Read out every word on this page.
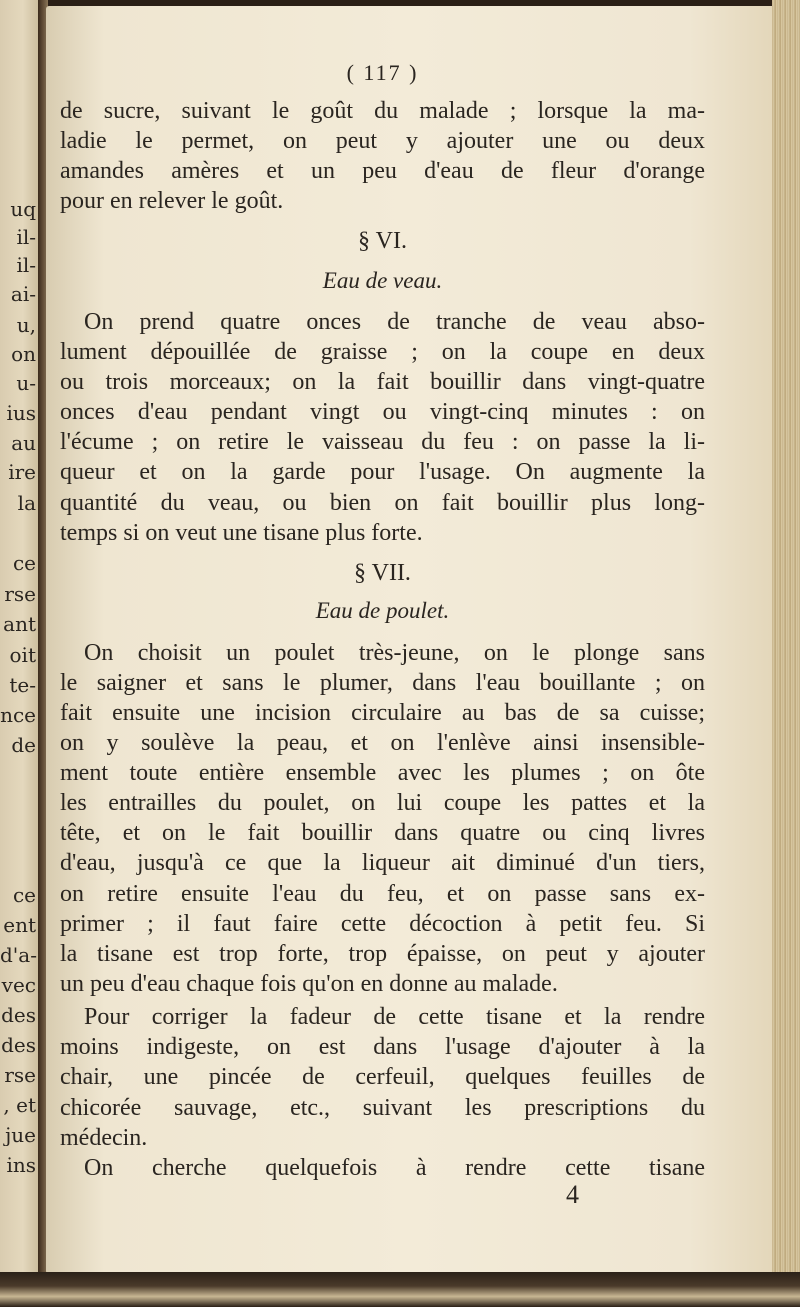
uq
il-
il-
ai-
u,
on
u-
ius
au
ire
la
ce
rse
ant
oit
te-
nce
de
ce
ent
d'a-
vec
des
des
rse
, et
jue
ins
( 117 )
de sucre, suivant le goût du malade ; lorsque la ma-
ladie le permet, on peut y ajouter une ou deux
amandes amères et un peu d'eau de fleur d'orange
pour en relever le goût.
§ VI.
Eau de veau.
On prend quatre onces de tranche de veau abso-
lument dépouillée de graisse ; on la coupe en deux
ou trois morceaux; on la fait bouillir dans vingt-quatre
onces d'eau pendant vingt ou vingt-cinq minutes : on
l'écume ; on retire le vaisseau du feu : on passe la li-
queur et on la garde pour l'usage. On augmente la
quantité du veau, ou bien on fait bouillir plus long-
temps si on veut une tisane plus forte.
§ VII.
Eau de poulet.
On choisit un poulet très-jeune, on le plonge sans
le saigner et sans le plumer, dans l'eau bouillante ; on
fait ensuite une incision circulaire au bas de sa cuisse;
on y soulève la peau, et on l'enlève ainsi insensible-
ment toute entière ensemble avec les plumes ; on ôte
les entrailles du poulet, on lui coupe les pattes et la
tête, et on le fait bouillir dans quatre ou cinq livres
d'eau, jusqu'à ce que la liqueur ait diminué d'un tiers,
on retire ensuite l'eau du feu, et on passe sans ex-
primer ; il faut faire cette décoction à petit feu. Si
la tisane est trop forte, trop épaisse, on peut y ajouter
un peu d'eau chaque fois qu'on en donne au malade.
Pour corriger la fadeur de cette tisane et la rendre
moins indigeste, on est dans l'usage d'ajouter à la
chair, une pincée de cerfeuil, quelques feuilles de
chicorée sauvage, etc., suivant les prescriptions du
médecin.
On cherche quelquefois à rendre cette tisane
4
